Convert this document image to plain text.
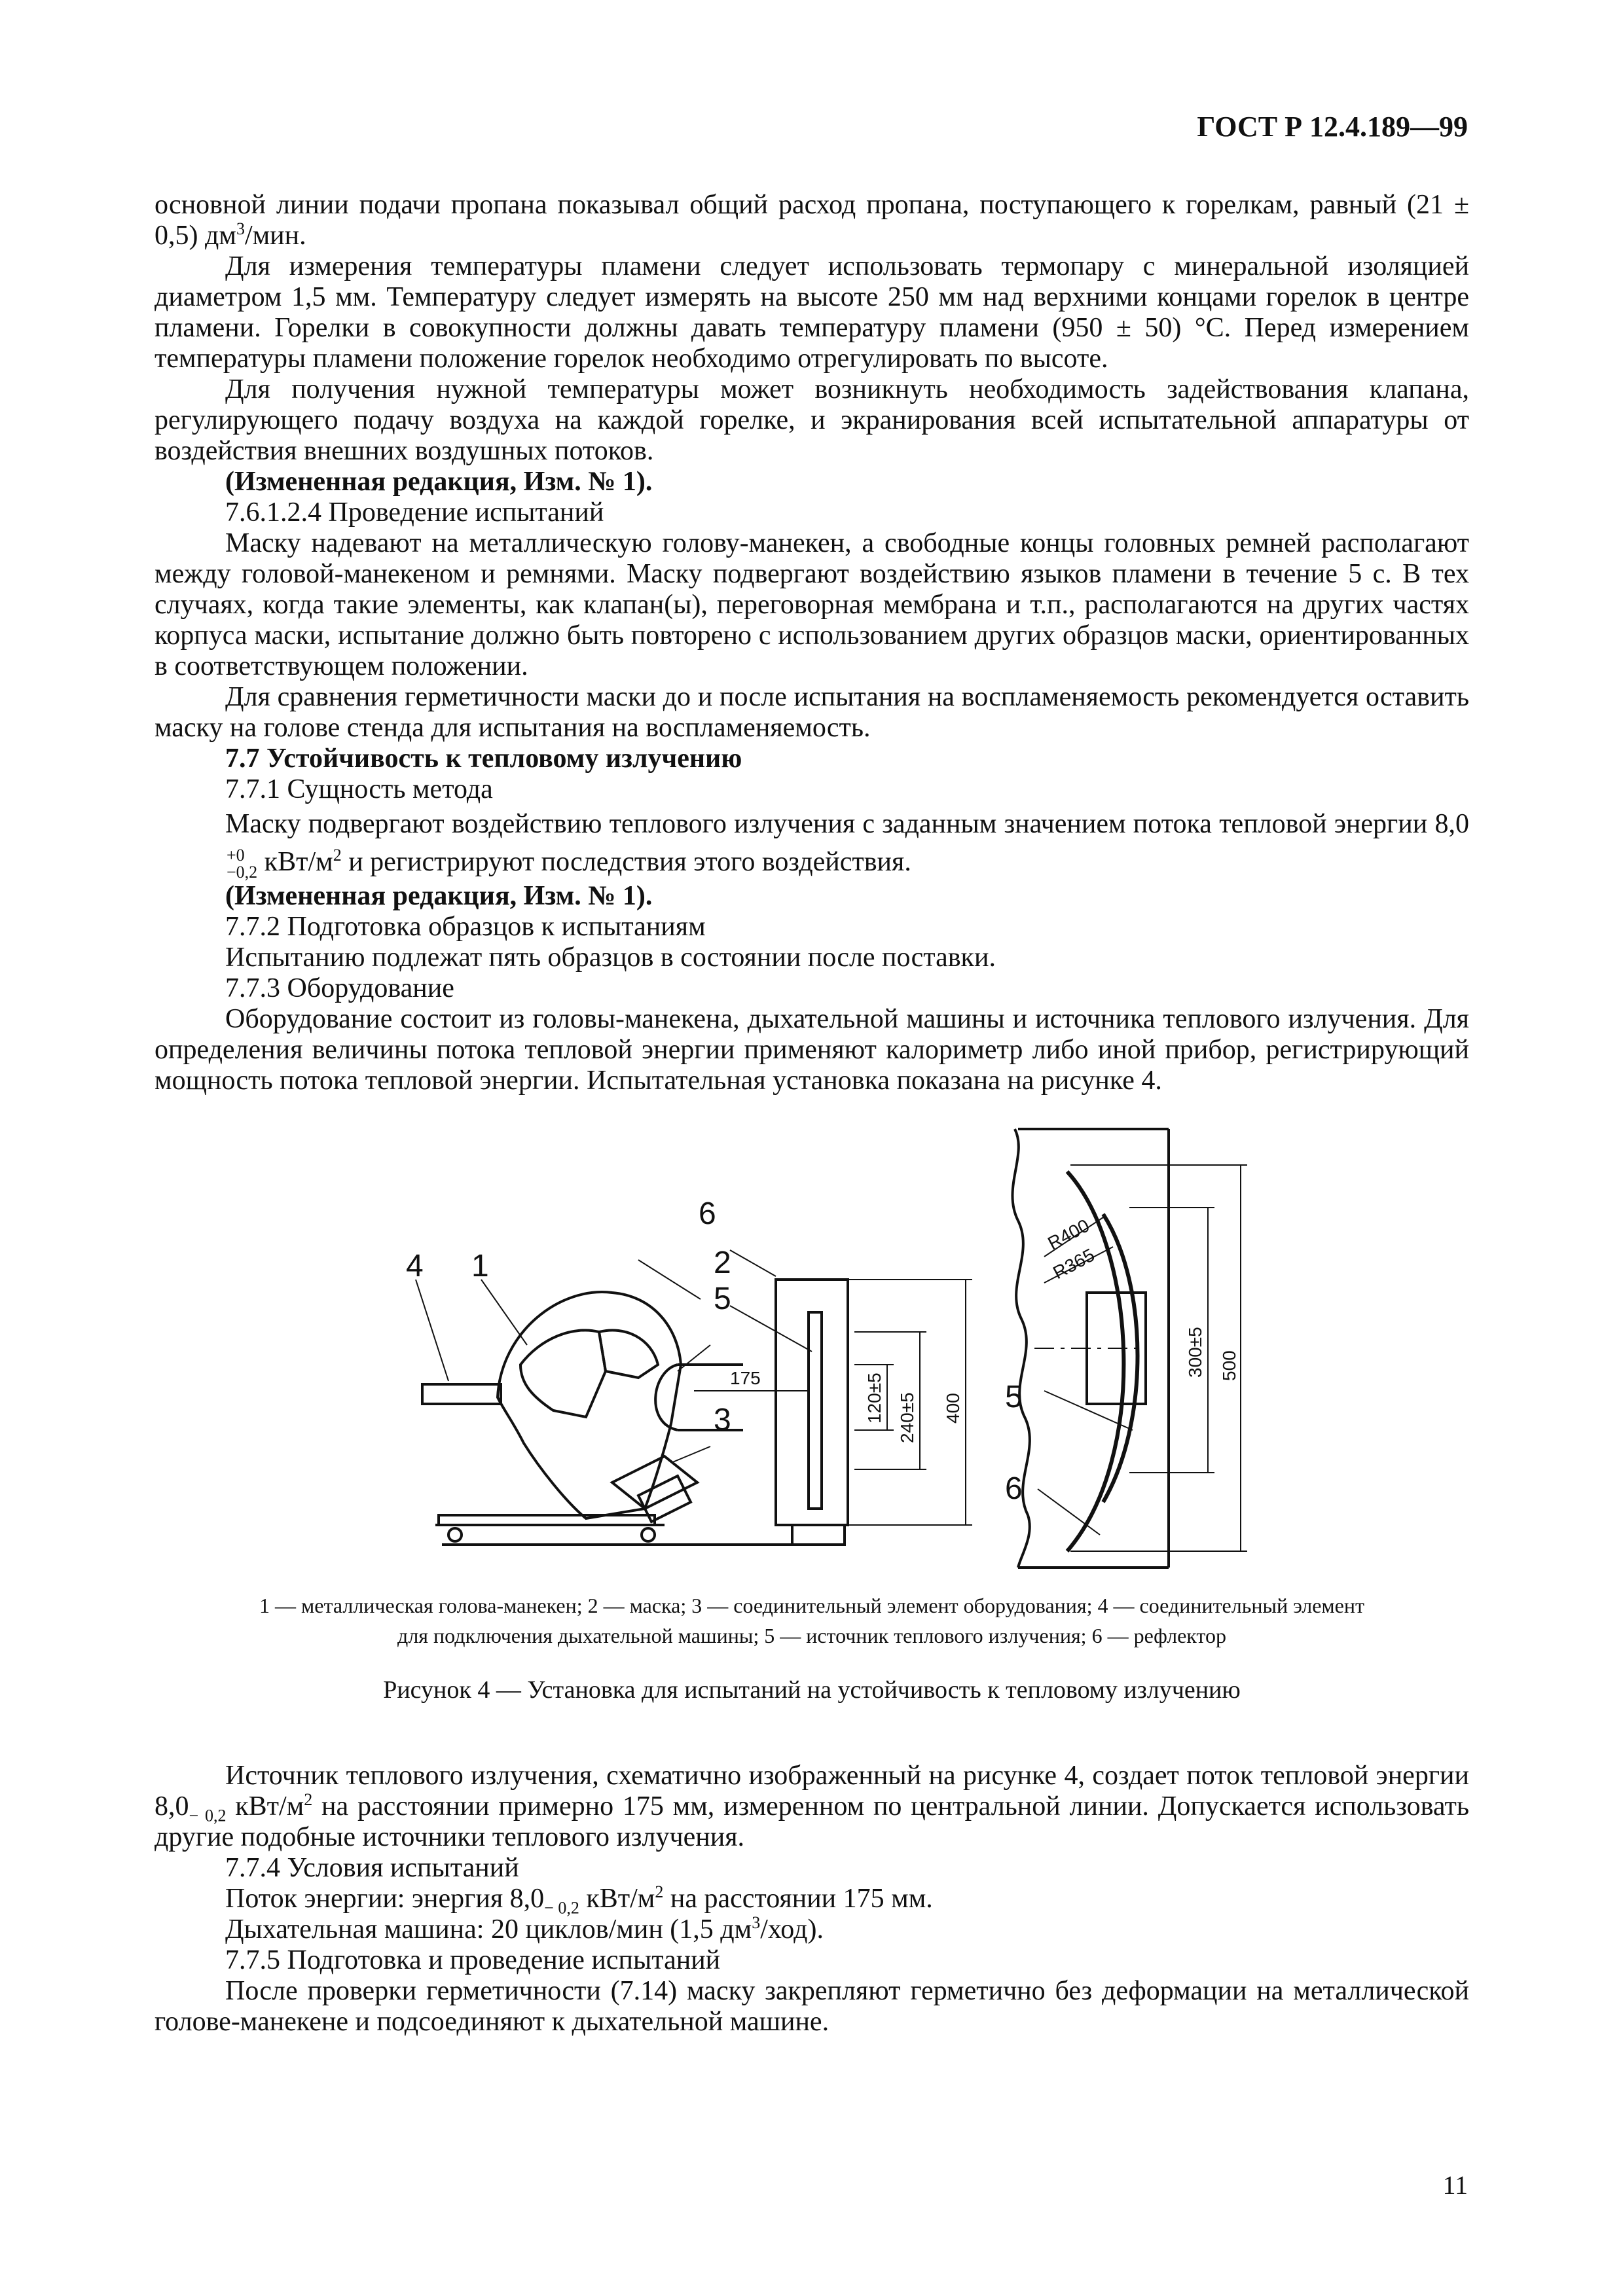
ГОСТ Р 12.4.189—99

основной линии подачи пропана показывал общий расход пропана, поступающего к горелкам, равный (21 ± 0,5) $дм^3$/мин.

Для измерения температуры пламени следует использовать термопару с минеральной изоляцией диаметром 1,5 мм. Температуру следует измерять на высоте 250 мм над верхними концами горелок в центре пламени. Горелки в совокупности должны давать температуру пламени (950 ± 50) °С. Перед измерением температуры пламени положение горелок необходимо отрегулировать по высоте.

Для получения нужной температуры может возникнуть необходимость задействования клапана, регулирующего подачу воздуха на каждой горелке, и экранирования всей испытательной аппаратуры от воздействия внешних воздушных потоков.

(Измененная редакция, Изм. № 1).

7.6.1.2.4 Проведение испытаний

Маску надевают на металлическую голову-манекен, а свободные концы головных ремней располагают между головой-манекеном и ремнями. Маску подвергают воздействию языков пламени в течение 5 с. В тех случаях, когда такие элементы, как клапан(ы), переговорная мембрана и т.п., располагаются на других частях корпуса маски, испытание должно быть повторено с использованием других образцов маски, ориентированных в соответствующем положении.

Для сравнения герметичности маски до и после испытания на воспламеняемость рекомендуется оставить маску на голове стенда для испытания на воспламеняемость.

7.7 Устойчивость к тепловому излучению

7.7.1 Сущность метода

Маску подвергают воздействию теплового излучения с заданным значением потока тепловой энергии 8,0
+0
−0,2 кВт/$м^2$ и регистрируют последствия этого воздействия.

(Измененная редакция, Изм. № 1).

7.7.2 Подготовка образцов к испытаниям

Испытанию подлежат пять образцов в состоянии после поставки.

7.7.3 Оборудование

Оборудование состоит из головы-манекена, дыхательной машины и источника теплового излучения. Для определения величины потока тепловой энергии применяют калориметр либо иной прибор, регистрирующий мощность потока тепловой энергии. Испытательная установка показана на рисунке 4.

4 1
6
2
5
3
175	120±5 240±5 400 5
6
R400
R365
300±5 500
1 — металлическая голова-манекен; 2 — маска; 3 — соединительный элемент оборудования; 4 — соединительный элемент
для подключения дыхательной машины; 5 — источник теплового излучения; 6 — рефлектор
Рисунок 4 — Установка для испытаний на устойчивость к тепловому излучению

Источник теплового излучения, схематично изображенный на рисунке 4, создает поток тепловой энергии $8,0_{- 0,2}$ кВт/$м^2$ на расстоянии примерно 175 мм, измеренном по центральной линии. Допускается использовать другие подобные источники теплового излучения.

7.7.4 Условия испытаний

Поток энергии: энергия $8,0_{- 0,2}$ кВт/$м^2$ на расстоянии 175 мм.

Дыхательная машина: 20 циклов/мин (1,5 $дм^3/ход$).

7.7.5 Подготовка и проведение испытаний

После проверки герметичности (7.14) маску закрепляют герметично без деформации на металлической голове-манекене и подсоединяют к дыхательной машине.

11
